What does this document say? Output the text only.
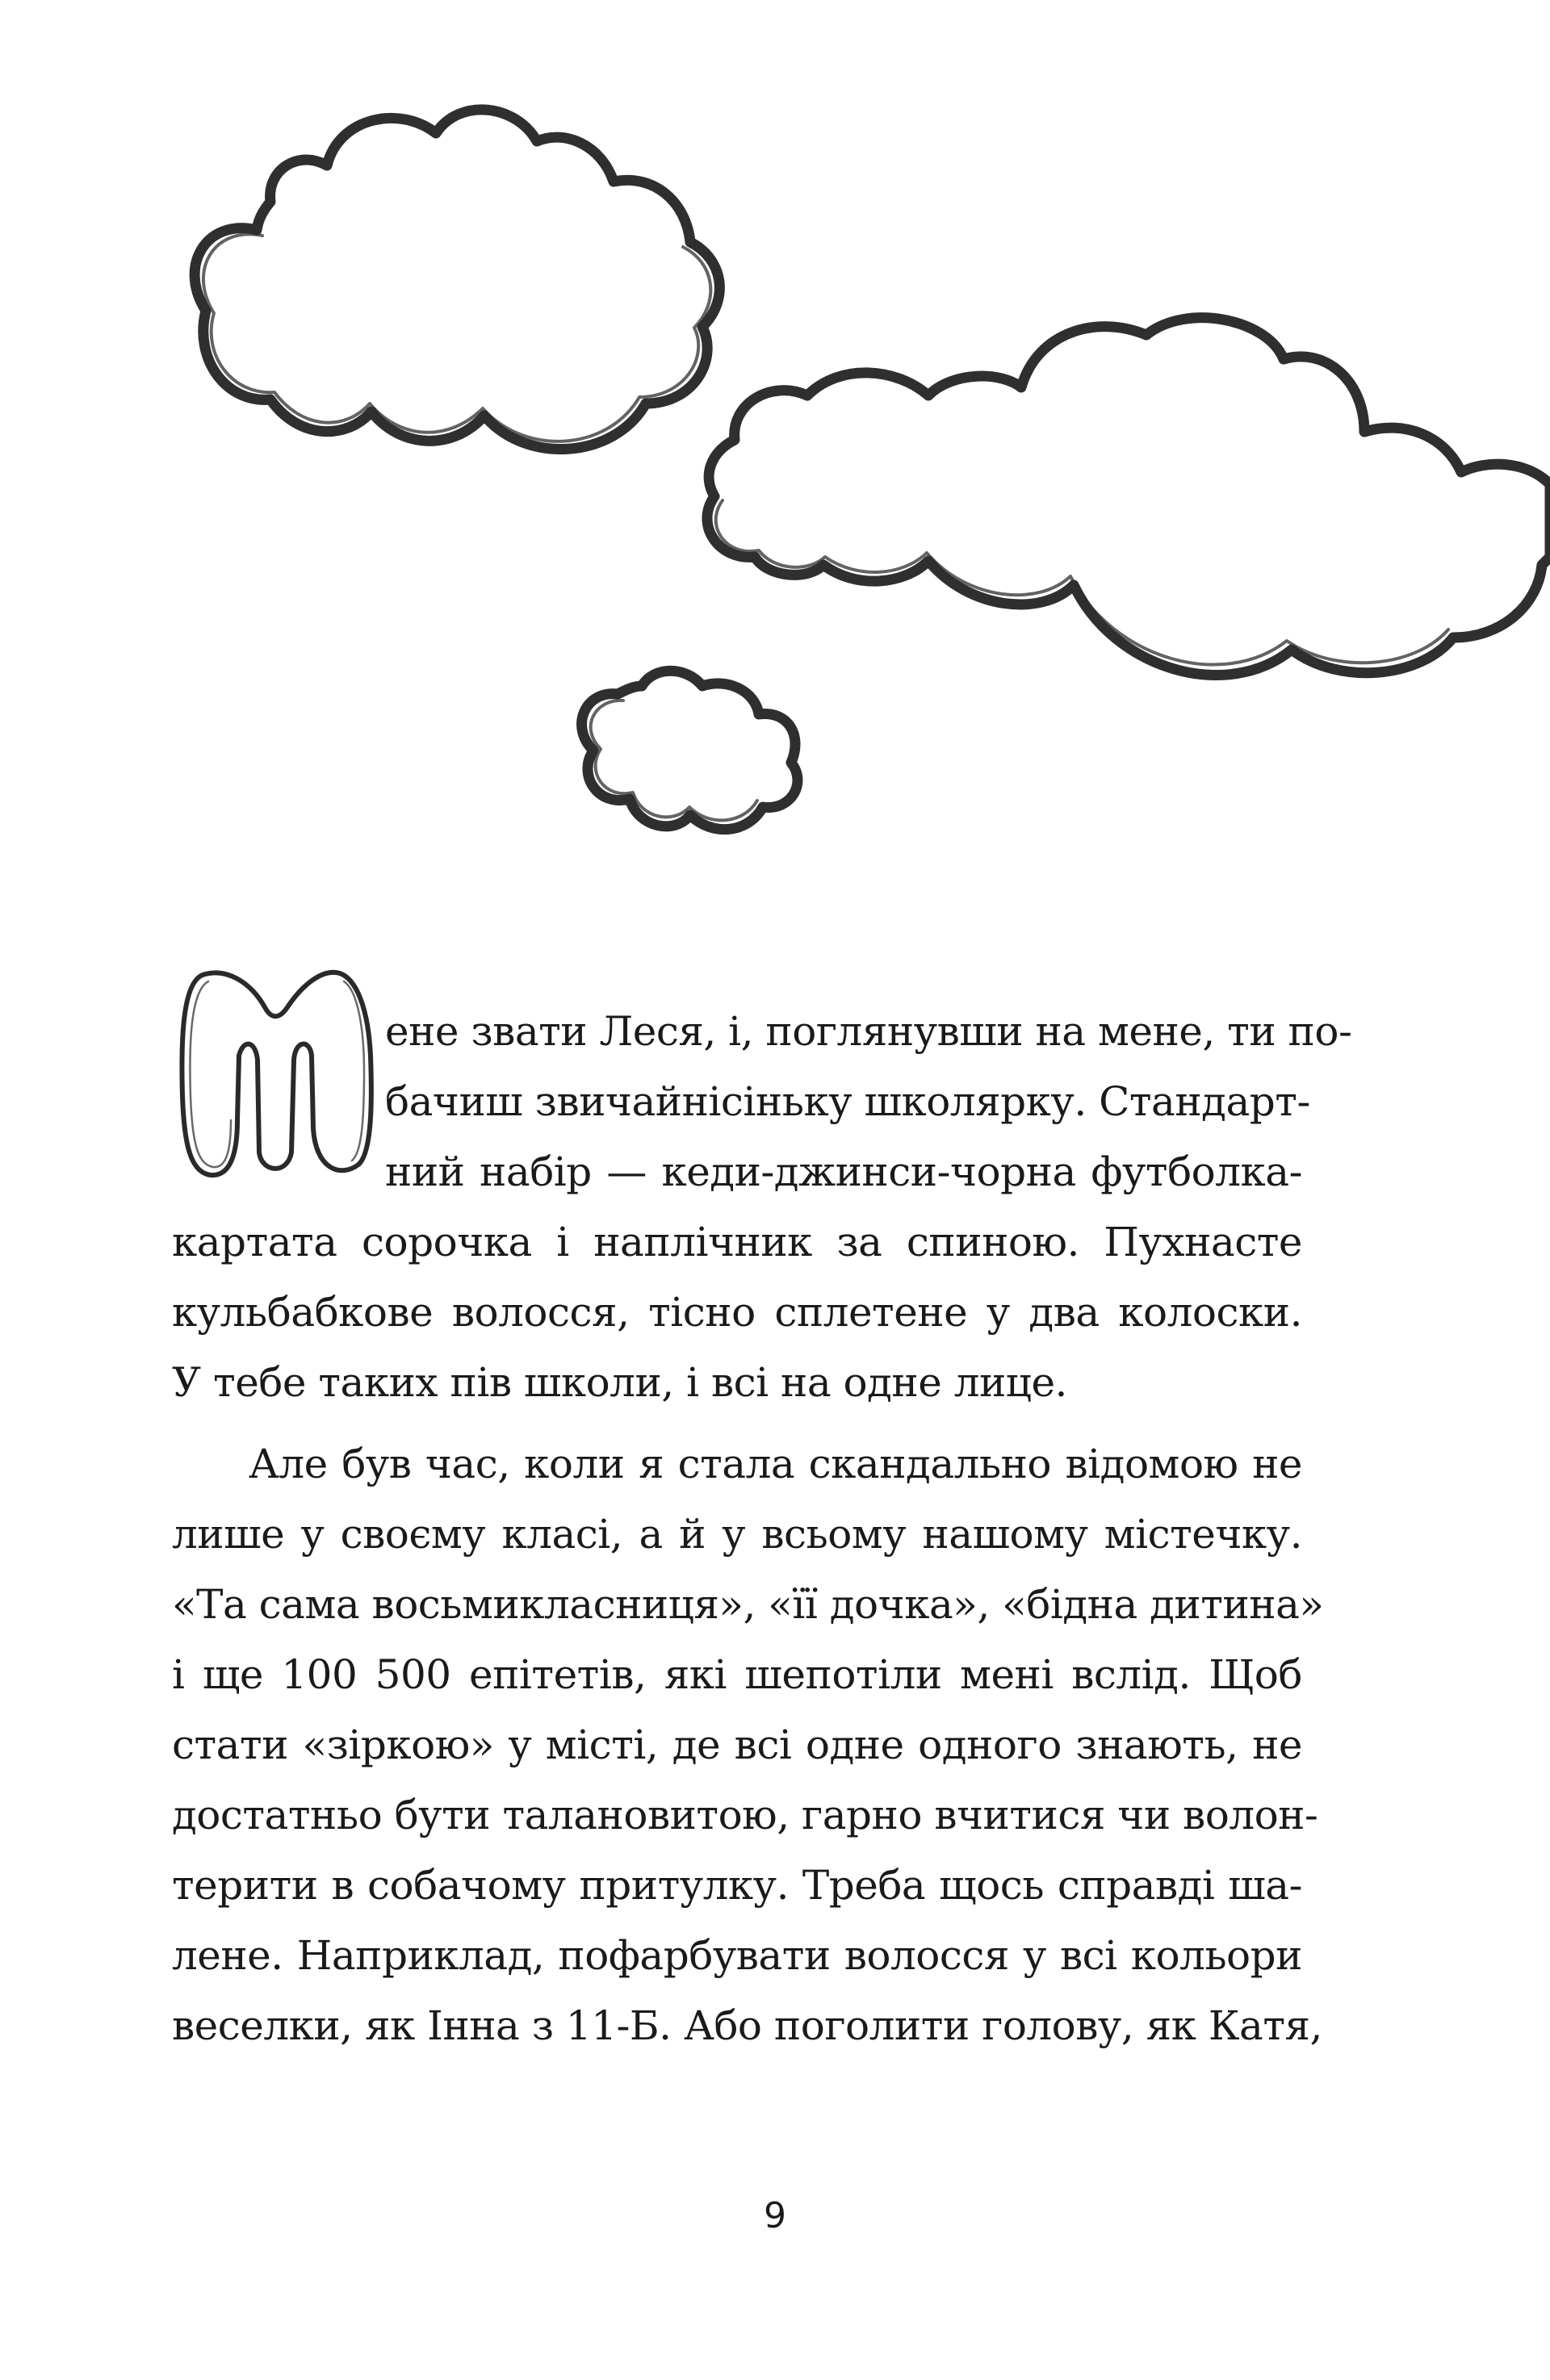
ене звати Леся, і, поглянувши на мене, ти по-
бачиш звичайнісіньку школярку. Стандарт-
ний набір — кеди-джинси-чорна футболка-
картата сорочка і наплічник за спиною. Пухнасте
кульбабкове волосся, тісно сплетене у два колоски.
У тебе таких пів школи, і всі на одне лице.
Але був час, коли я стала скандально відомою не
лише у своєму класі, а й у всьому нашому містечку.
«Та сама восьмикласниця», «її дочка», «бідна дитина»
і ще 100 500 епітетів, які шепотіли мені вслід. Щоб
стати «зіркою» у місті, де всі одне одного знають, не
достатньо бути талановитою, гарно вчитися чи волон-
терити в собачому притулку. Треба щось справді ша-
лене. Наприклад, пофарбувати волосся у всі кольори
веселки, як Інна з 11-Б. Або поголити голову, як Катя,
9
